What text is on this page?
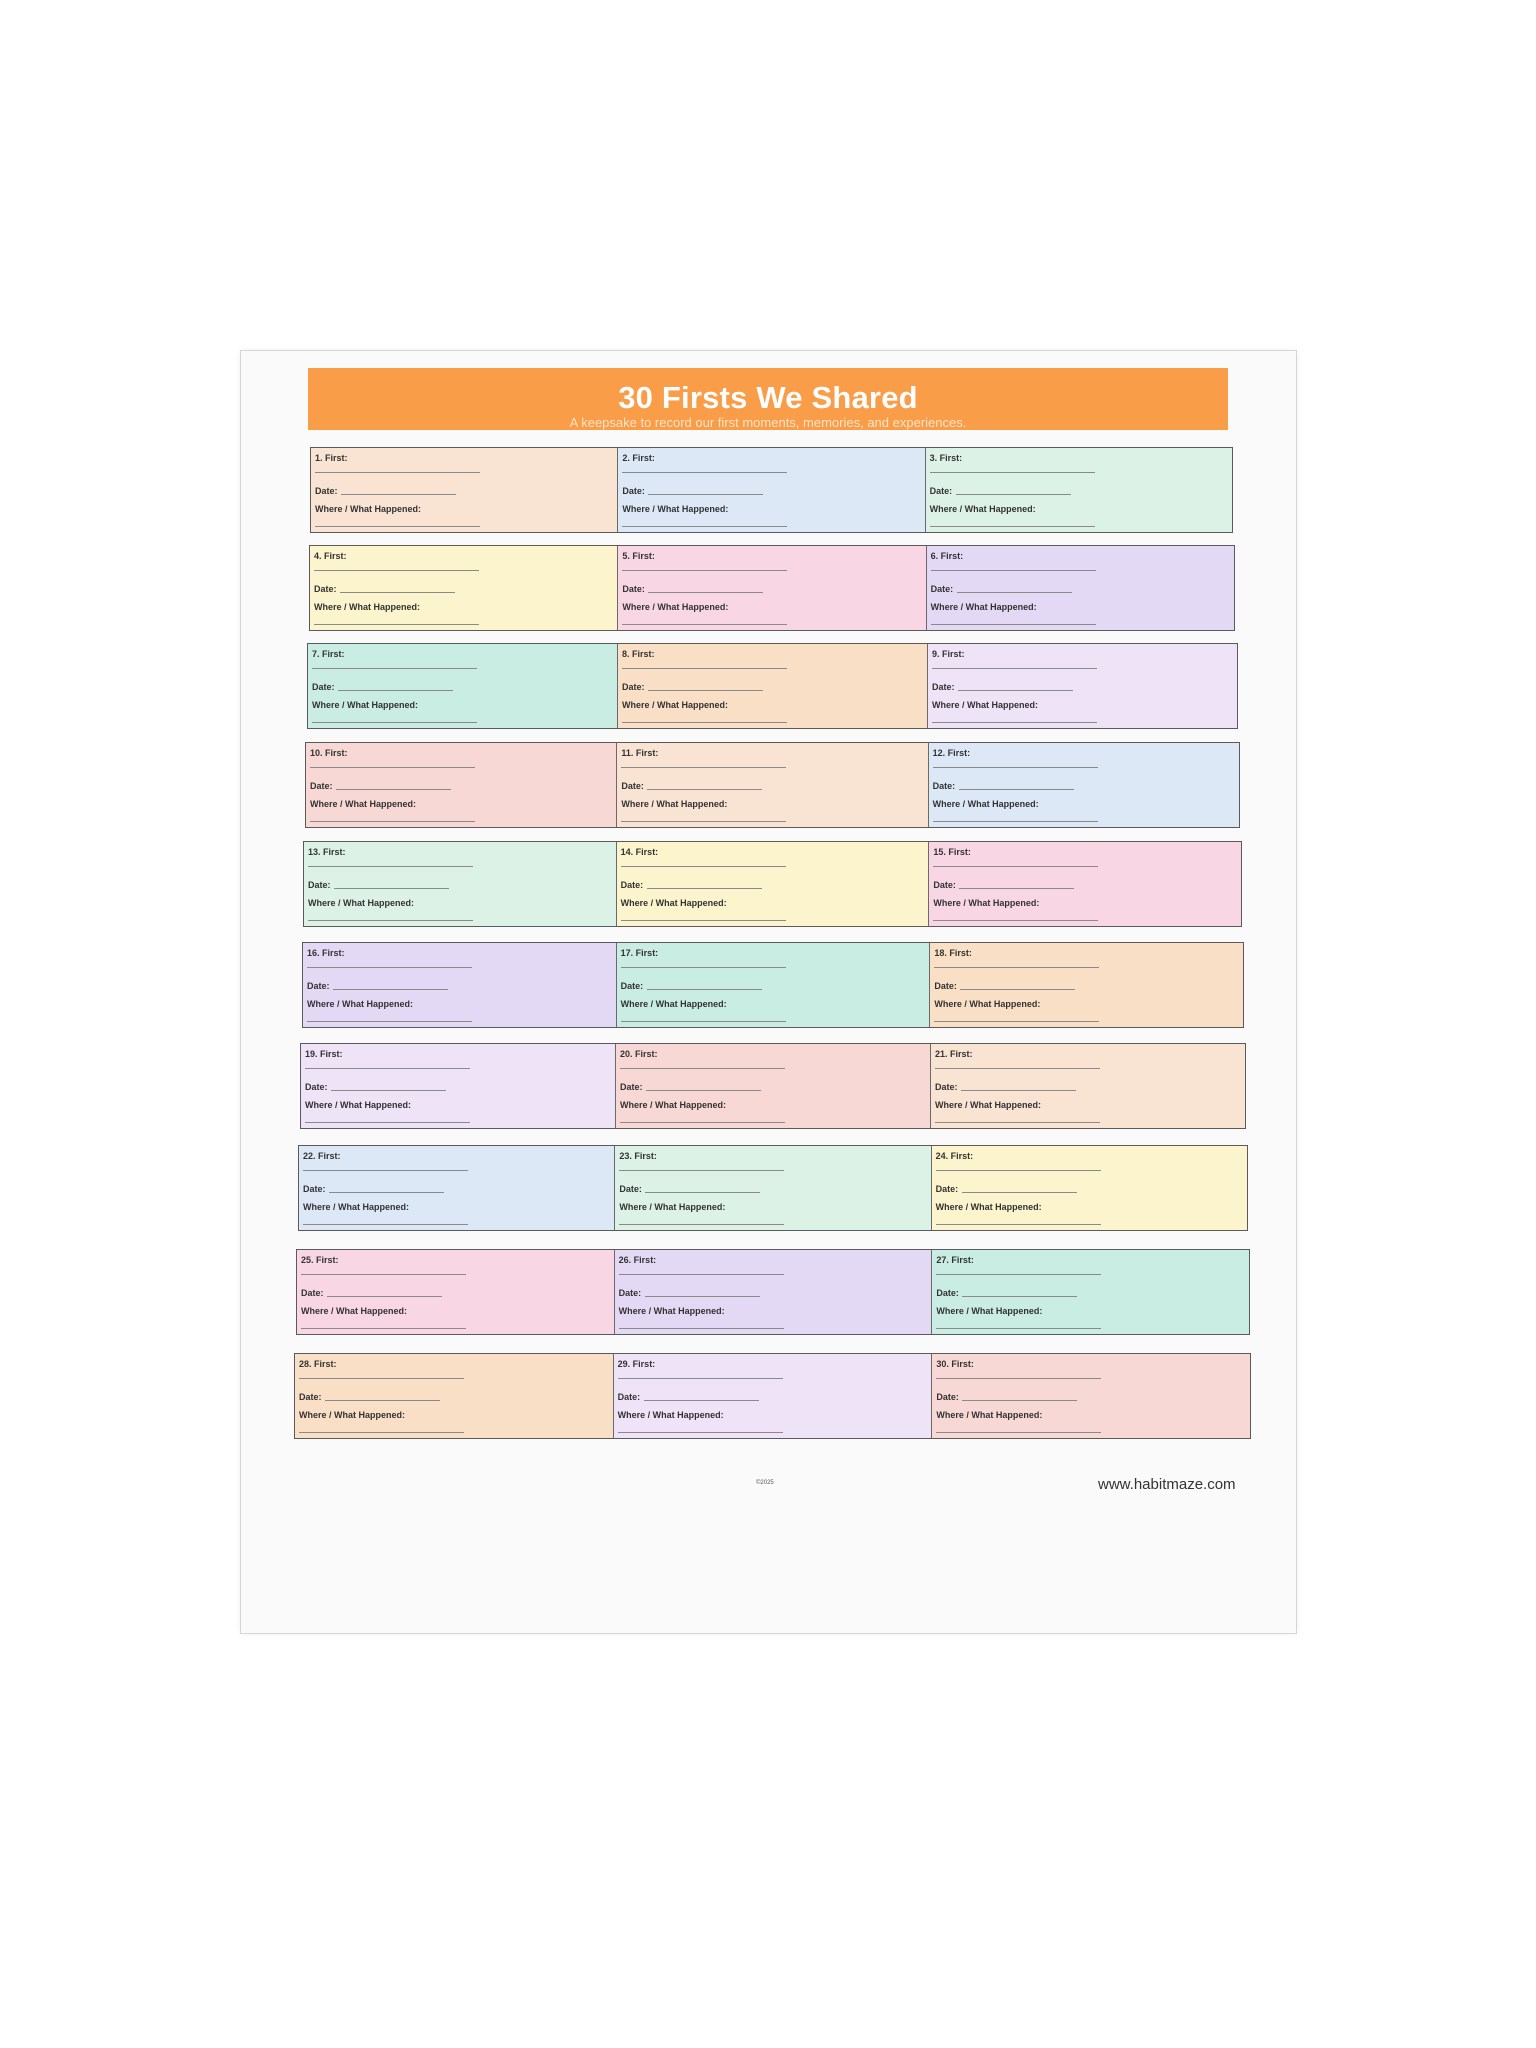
30 Firsts We Shared
A keepsake to record our first moments, memories, and experiences.
1. First:
Date:
Where / What Happened:
2. First:
Date:
Where / What Happened:
3. First:
Date:
Where / What Happened:
4. First:
Date:
Where / What Happened:
5. First:
Date:
Where / What Happened:
6. First:
Date:
Where / What Happened:
7. First:
Date:
Where / What Happened:
8. First:
Date:
Where / What Happened:
9. First:
Date:
Where / What Happened:
10. First:
Date:
Where / What Happened:
11. First:
Date:
Where / What Happened:
12. First:
Date:
Where / What Happened:
13. First:
Date:
Where / What Happened:
14. First:
Date:
Where / What Happened:
15. First:
Date:
Where / What Happened:
16. First:
Date:
Where / What Happened:
17. First:
Date:
Where / What Happened:
18. First:
Date:
Where / What Happened:
19. First:
Date:
Where / What Happened:
20. First:
Date:
Where / What Happened:
21. First:
Date:
Where / What Happened:
22. First:
Date:
Where / What Happened:
23. First:
Date:
Where / What Happened:
24. First:
Date:
Where / What Happened:
25. First:
Date:
Where / What Happened:
26. First:
Date:
Where / What Happened:
27. First:
Date:
Where / What Happened:
28. First:
Date:
Where / What Happened:
29. First:
Date:
Where / What Happened:
30. First:
Date:
Where / What Happened:
©2025	www.habitmaze.com
